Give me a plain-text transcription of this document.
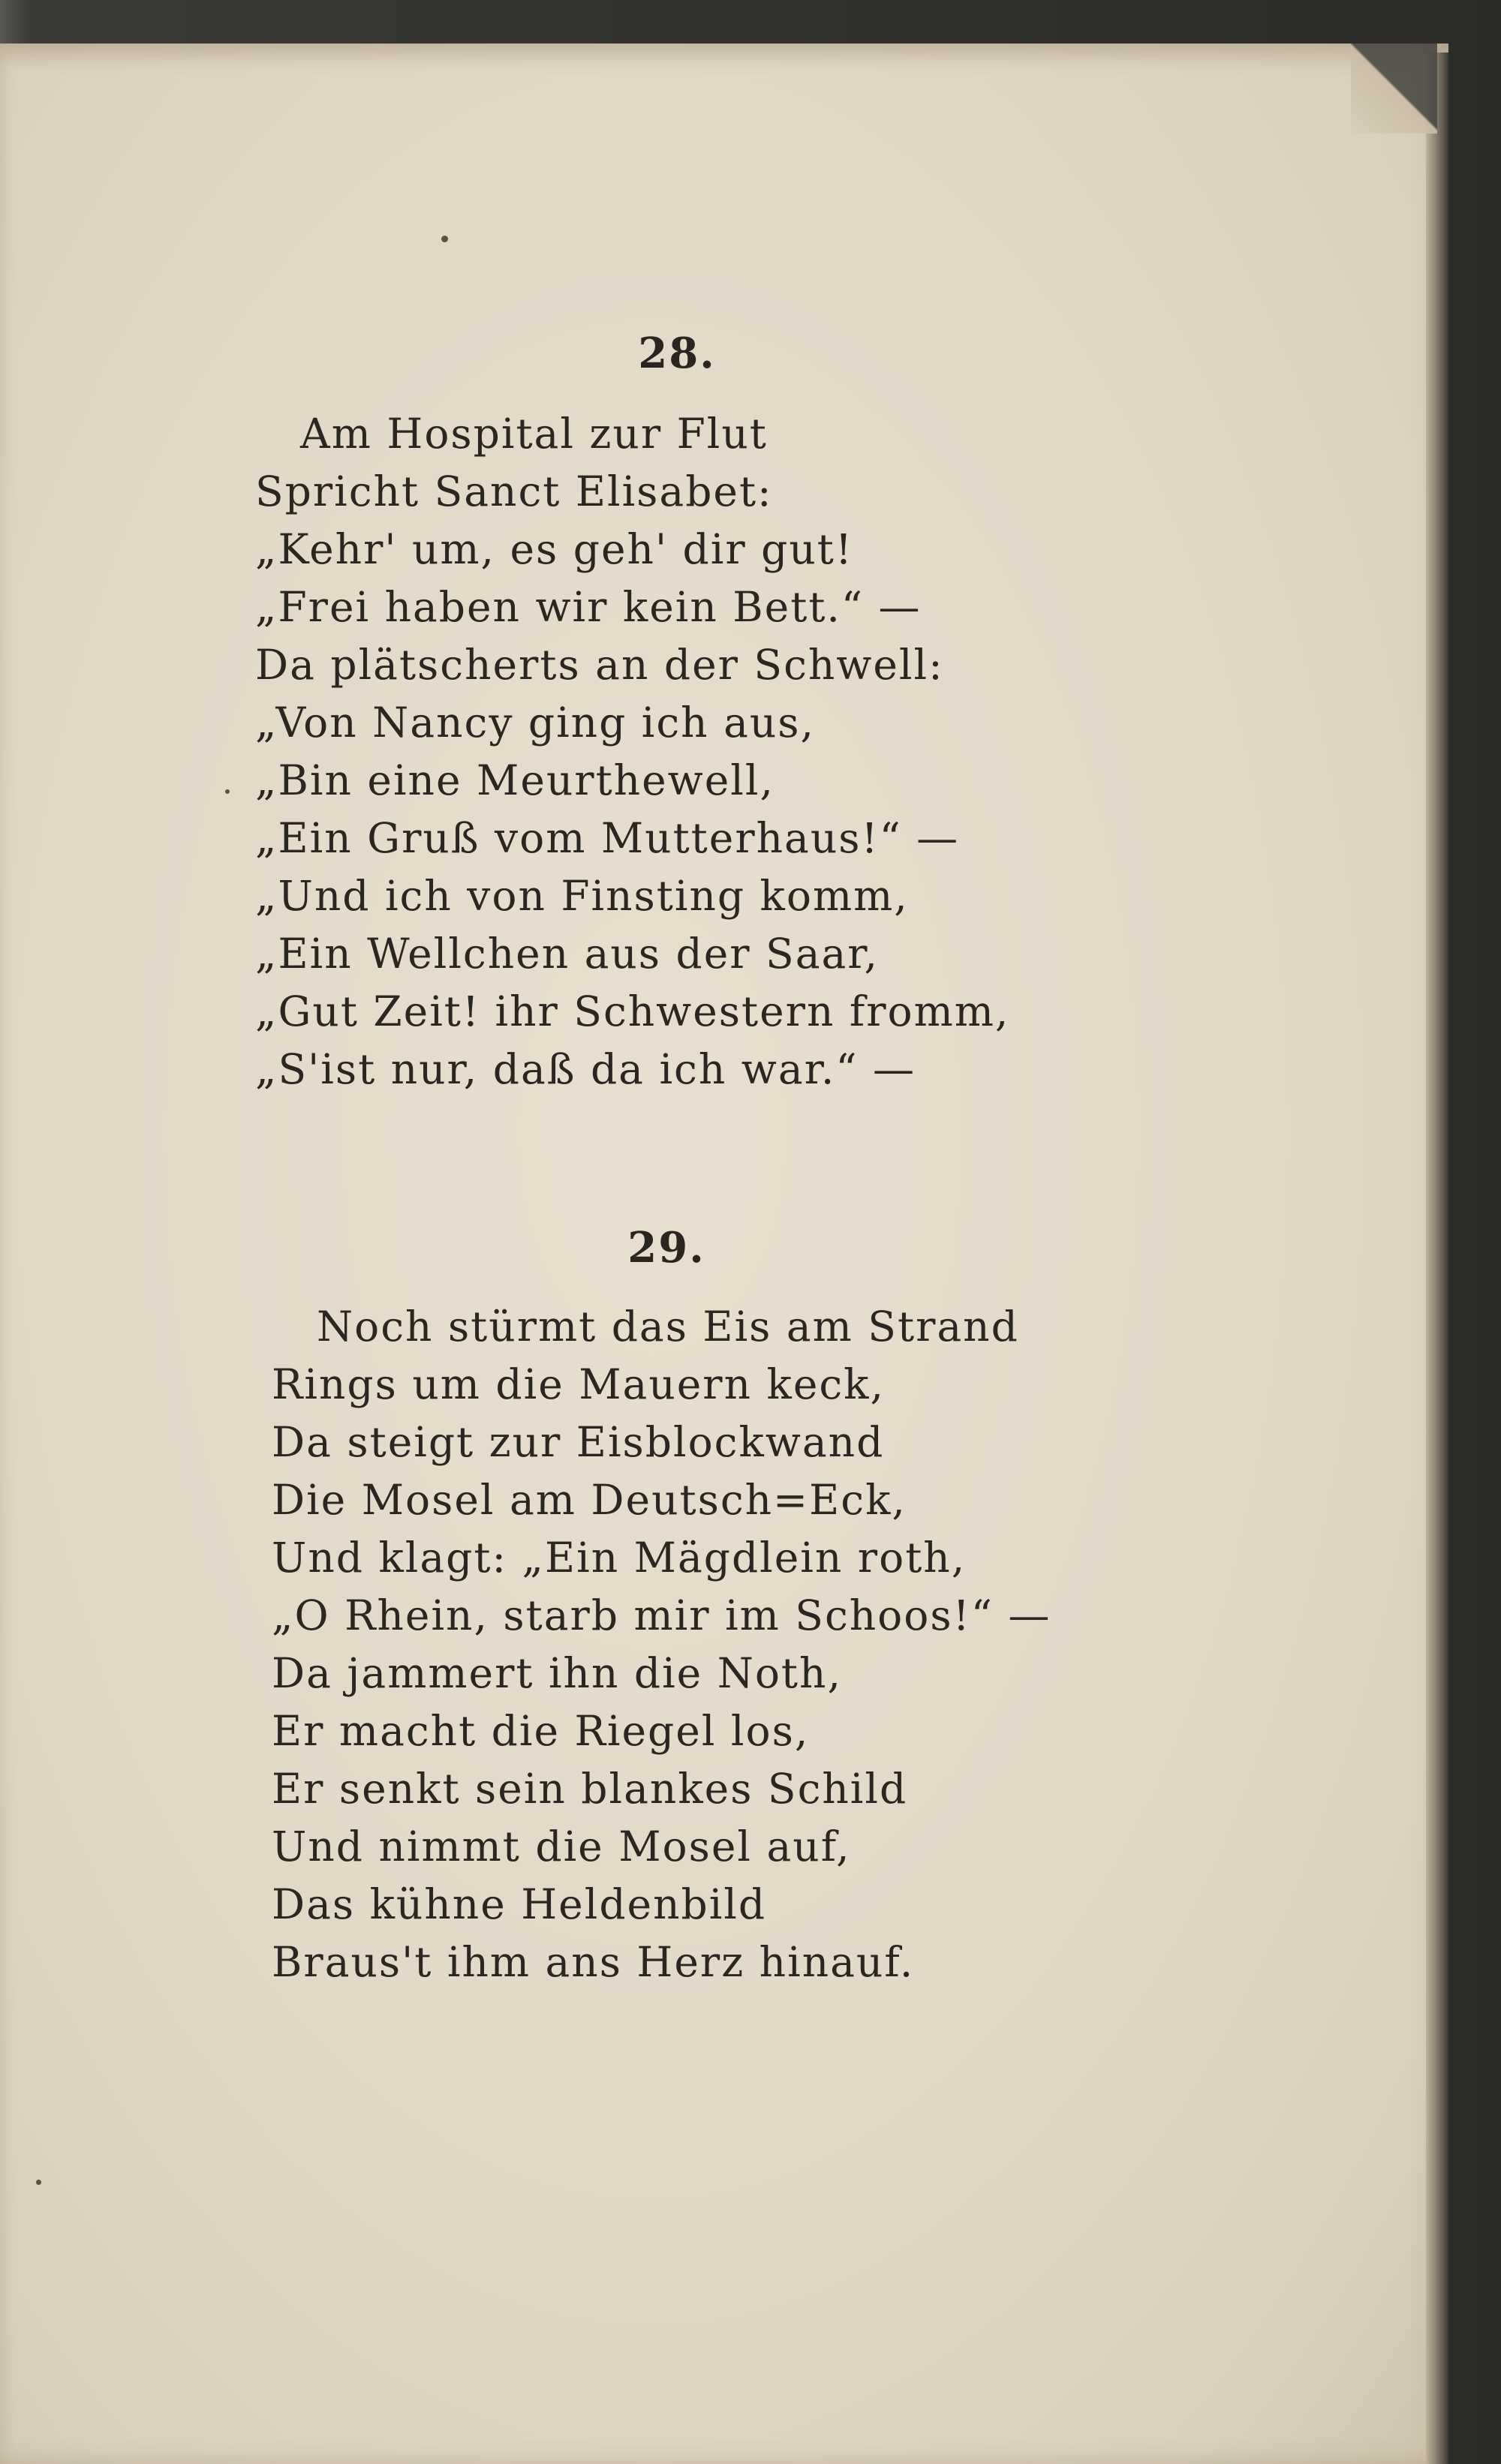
28.
Am Hospital zur Flut
Spricht Sanct Elisabet:
„Kehr' um, es geh' dir gut!
„Frei haben wir kein Bett.“ —
Da plätscherts an der Schwell:
„Von Nancy ging ich aus,
„Bin eine Meurthewell,
„Ein Gruß vom Mutterhaus!“ —
„Und ich von Finsting komm,
„Ein Wellchen aus der Saar,
„Gut Zeit! ihr Schwestern fromm,
„S'ist nur, daß da ich war.“ —
29.
Noch stürmt das Eis am Strand
Rings um die Mauern keck,
Da steigt zur Eisblockwand
Die Mosel am Deutsch=Eck,
Und klagt: „Ein Mägdlein roth,
„O Rhein, starb mir im Schoos!“ —
Da jammert ihn die Noth,
Er macht die Riegel los,
Er senkt sein blankes Schild
Und nimmt die Mosel auf,
Das kühne Heldenbild
Braus't ihm ans Herz hinauf.
